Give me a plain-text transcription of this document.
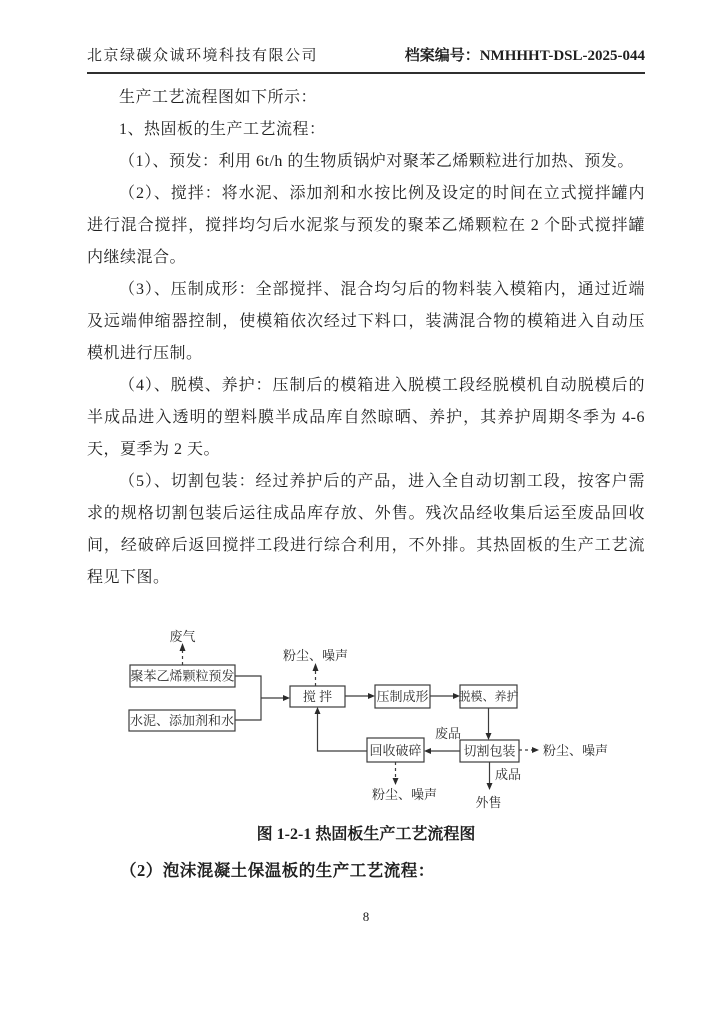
北京绿碳众诚环境科技有限公司	档案编号：NMHHHT-DSL-2025-044

生产工艺流程图如下所示：

1、热固板的生产工艺流程：

（1）、预发：利用 6t/h 的生物质锅炉对聚苯乙烯颗粒进行加热、预发。

（2）、搅拌：将水泥、添加剂和水按比例及设定的时间在立式搅拌罐内进行混合搅拌，搅拌均匀后水泥浆与预发的聚苯乙烯颗粒在 2 个卧式搅拌罐内继续混合。

（3）、压制成形：全部搅拌、混合均匀后的物料装入模箱内，通过近端及远端伸缩器控制，使模箱依次经过下料口，装满混合物的模箱进入自动压模机进行压制。

（4）、脱模、养护：压制后的模箱进入脱模工段经脱模机自动脱模后的半成品进入透明的塑料膜半成品库自然晾晒、养护，其养护周期冬季为 4-6 天，夏季为 2 天。

（5）、切割包装：经过养护后的产品，进入全自动切割工段，按客户需求的规格切割包装后运往成品库存放、外售。残次品经收集后运至废品回收间，经破碎后返回搅拌工段进行综合利用，不外排。其热固板的生产工艺流程见下图。

废气
聚苯乙烯颗粒预发
水泥、添加剂和水
粉尘、噪声
搅 拌	压制成形 脱模、养护
废品
切割包装
回收破碎
粉尘、噪声
粉尘、噪声
成品
外售
图 1-2-1 热固板生产工艺流程图

（2）泡沫混凝土保温板的生产工艺流程：

8
